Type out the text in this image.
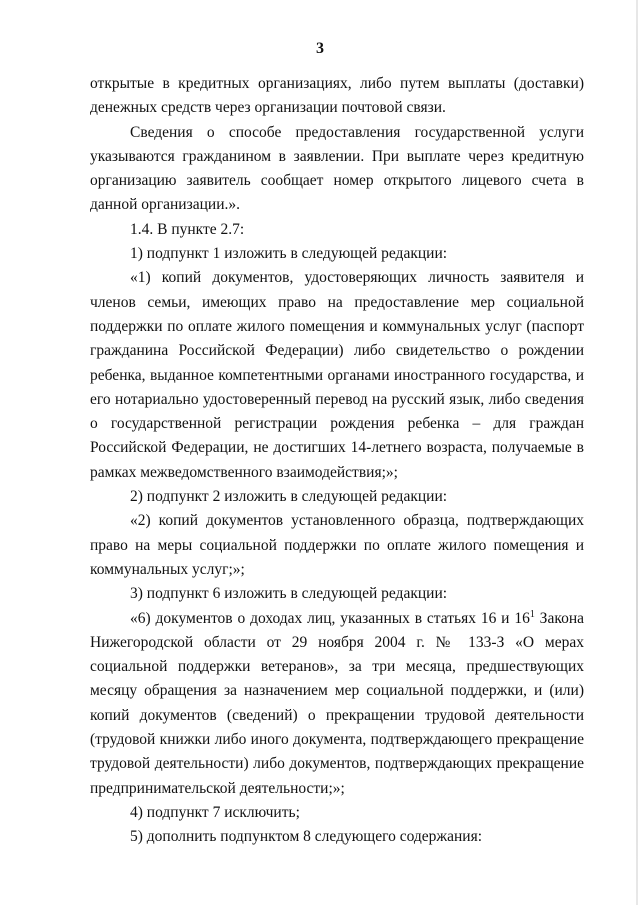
3

открытые в кредитных организациях, либо путем выплаты (доставки) денежных средств через организации почтовой связи.

Сведения о способе предоставления государственной услуги указываются гражданином в заявлении. При выплате через кредитную организацию заявитель сообщает номер открытого лицевого счета в данной организации.».

1.4. В пункте 2.7:

1) подпункт 1 изложить в следующей редакции:

«1) копий документов, удостоверяющих личность заявителя и членов семьи, имеющих право на предоставление мер социальной поддержки по оплате жилого помещения и коммунальных услуг (паспорт гражданина Российской Федерации) либо свидетельство о рождении ребенка, выданное компетентными органами иностранного государства, и его нотариально удостоверенный перевод на русский язык, либо сведения о государственной регистрации рождения ребенка – для граждан Российской Федерации, не достигших 14-летнего возраста, получаемые в рамках межведомственного взаимодействия;»;

2) подпункт 2 изложить в следующей редакции:

«2) копий документов установленного образца, подтверждающих право на меры социальной поддержки по оплате жилого помещения и коммунальных услуг;»;

3) подпункт 6 изложить в следующей редакции:

«6) документов о доходах лиц, указанных в статьях 16 и $16^1$ Закона Нижегородской области от 29 ноября 2004 г. № 133-З «О мерах социальной поддержки ветеранов», за три месяца, предшествующих месяцу обращения за назначением мер социальной поддержки, и (или) копий документов (сведений) о прекращении трудовой деятельности (трудовой книжки либо иного документа, подтверждающего прекращение трудовой деятельности) либо документов, подтверждающих прекращение предпринимательской деятельности;»;

4) подпункт 7 исключить;

5) дополнить подпунктом 8 следующего содержания:
